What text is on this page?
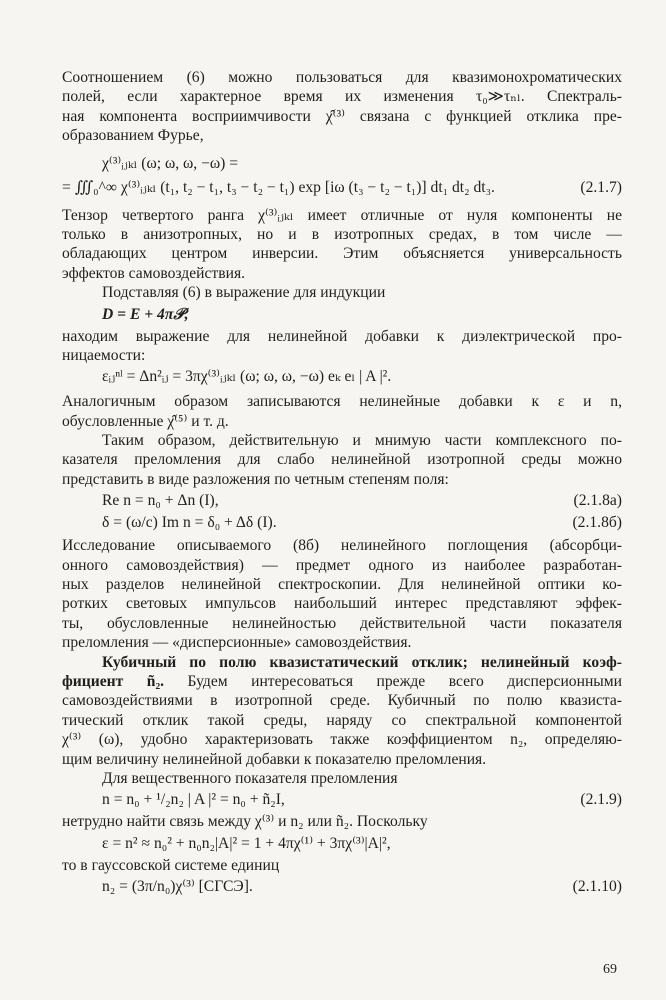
Соотношением (6) можно пользоваться для квазимонохроматических
полей, если характерное время их изменения τ₀≫τₙₗ. Спектраль-
ная компонента восприимчивости χ̂⁽³⁾ связана с функцией отклика пре-
образованием Фурье,
χ⁽³⁾ᵢⱼₖₗ (ω; ω, ω, −ω) =
= ∭₀^∞ χ⁽³⁾ᵢⱼₖₗ (t₁, t₂ − t₁, t₃ − t₂ − t₁) exp [iω (t₃ − t₂ − t₁)] dt₁ dt₂ dt₃.	(2.1.7)
Тензор четвертого ранга χ⁽³⁾ᵢⱼₖₗ имеет отличные от нуля компоненты не
только в анизотропных, но и в изотропных средах, в том числе —
обладающих центром инверсии. Этим объясняется универсальность
эффектов самовоздействия.
Подставляя (6) в выражение для индукции
D = E + 4π𝒫,
находим выражение для нелинейной добавки к диэлектрической про-
ницаемости:
εᵢⱼⁿˡ = Δn²ᵢⱼ = 3πχ⁽³⁾ᵢⱼₖₗ (ω; ω, ω, −ω) eₖ eₗ | A |².
Аналогичным образом записываются нелинейные добавки к ε и n,
обусловленные χ̂⁽⁵⁾ и т. д.
Таким образом, действительную и мнимую части комплексного по-
казателя преломления для слабо нелинейной изотропной среды можно
представить в виде разложения по четным степеням поля:
Re n = n₀ + Δn (I),	(2.1.8а)
δ = (ω/c) Im n = δ₀ + Δδ (I).	(2.1.8б)
Исследование описываемого (8б) нелинейного поглощения (абсорбци-
онного самовоздействия) — предмет одного из наиболее разработан-
ных разделов нелинейной спектроскопии. Для нелинейной оптики ко-
ротких световых импульсов наибольший интерес представляют эффек-
ты, обусловленные нелинейностью действительной части показателя
преломления — «дисперсионные» самовоздействия.
Кубичный по полю квазистатический отклик; нелинейный коэф-
фициент ñ₂. Будем интересоваться прежде всего дисперсионными
самовоздействиями в изотропной среде. Кубичный по полю квазиста-
тический отклик такой среды, наряду со спектральной компонентой
χ⁽³⁾ (ω), удобно характеризовать также коэффициентом n₂, определяю-
щим величину нелинейной добавки к показателю преломления.
Для вещественного показателя преломления
n = n₀ + ¹/₂n₂ | A |² = n₀ + ñ₂I,	(2.1.9)
нетрудно найти связь между χ⁽³⁾ и n₂ или ñ₂. Поскольку
ε = n² ≈ n₀² + n₀n₂|A|² = 1 + 4πχ⁽¹⁾ + 3πχ⁽³⁾|A|²,
то в гауссовской системе единиц
n₂ = (3π/n₀)χ⁽³⁾ [СГСЭ].	(2.1.10)
69
